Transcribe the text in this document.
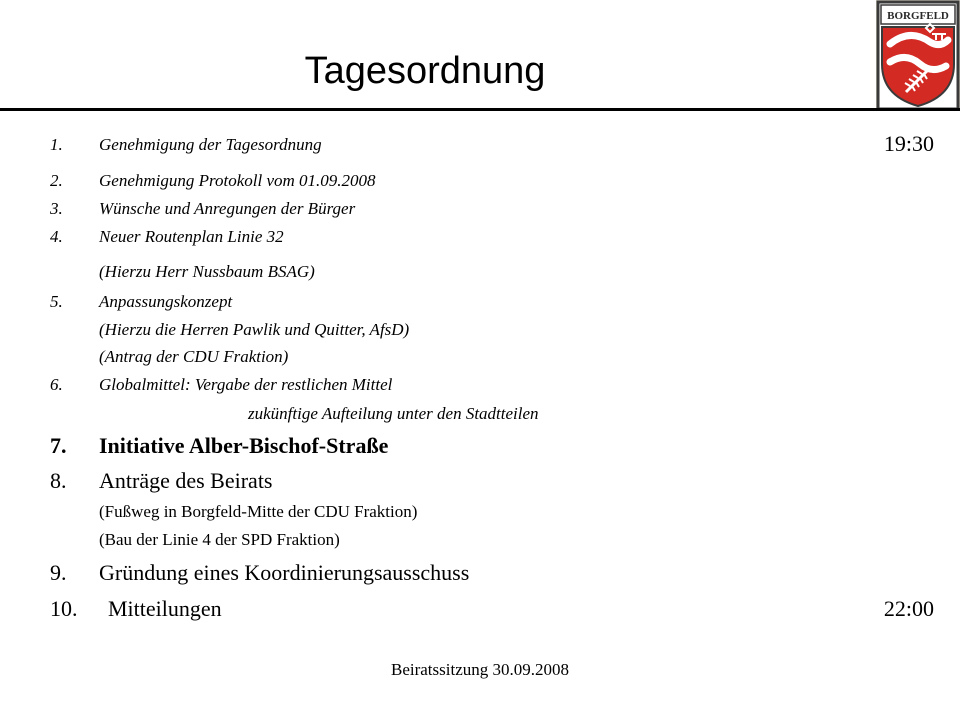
Tagesordnung
BORGFELD
1. Genehmigung der Tagesordnung	19:30
2. Genehmigung Protokoll vom 01.09.2008
3. Wünsche und Anregungen der Bürger
4. Neuer Routenplan Linie 32
(Hierzu Herr Nussbaum BSAG)
5. Anpassungskonzept
(Hierzu die Herren Pawlik und Quitter, AfsD)
(Antrag der CDU Fraktion)
6. Globalmittel: Vergabe der restlichen Mittel
zukünftige Aufteilung unter den Stadtteilen
7. Initiative Alber-Bischof-Straße
8. Anträge des Beirats
(Fußweg in Borgfeld-Mitte der CDU Fraktion)
(Bau der Linie 4 der SPD Fraktion)
9. Gründung eines Koordinierungsausschuss
10. Mitteilungen	22:00
Beiratssitzung 30.09.2008
